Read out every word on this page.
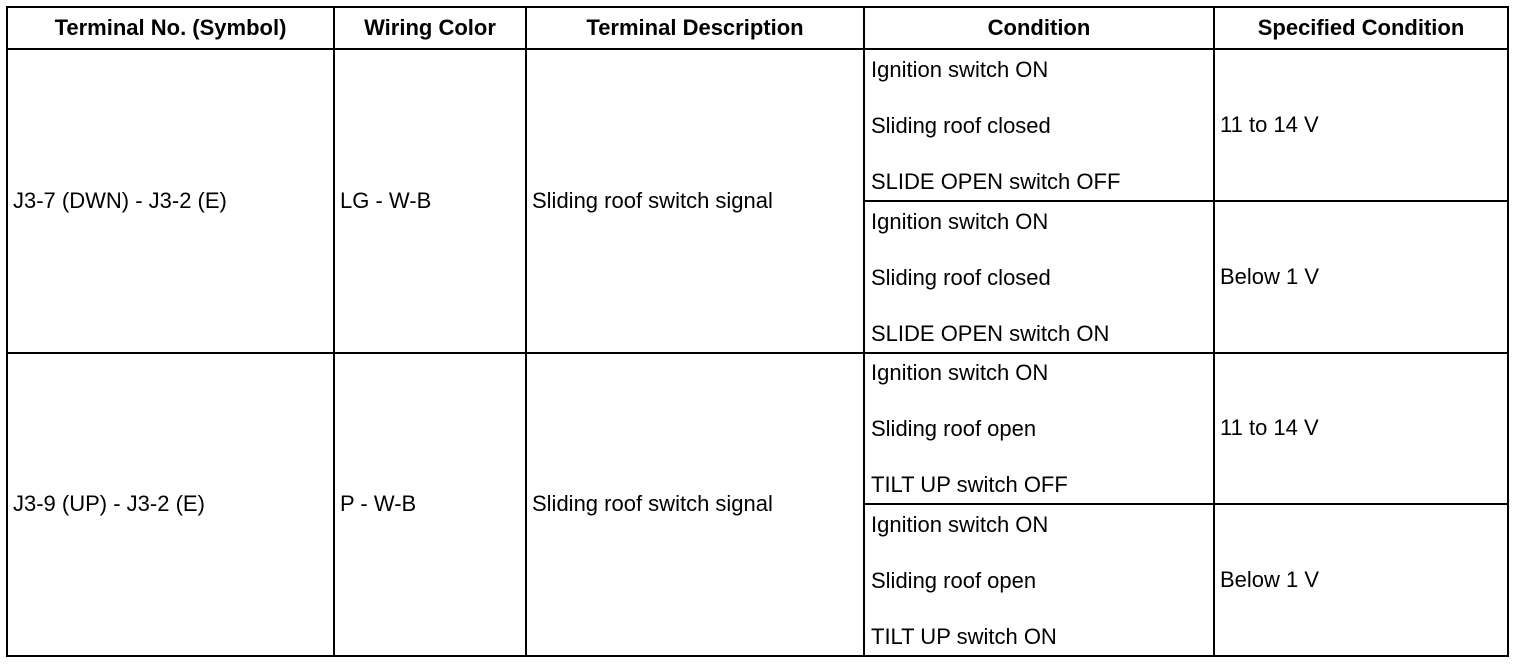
Terminal No. (Symbol)	Wiring Color	Terminal Description	Condition	Specified Condition
J3-7 (DWN) - J3-2 (E)	LG - W-B	Sliding roof switch signal	Ignition switch ON
Sliding roof closed
SLIDE OPEN switch OFF	11 to 14 V

			Ignition switch ON
Sliding roof closed
SLIDE OPEN switch ON	Below 1 V
J3-9 (UP) - J3-2 (E)	P - W-B	Sliding roof switch signal	Ignition switch ON
Sliding roof open
TILT UP switch OFF	11 to 14 V

			Ignition switch ON
Sliding roof open
TILT UP switch ON	Below 1 V
